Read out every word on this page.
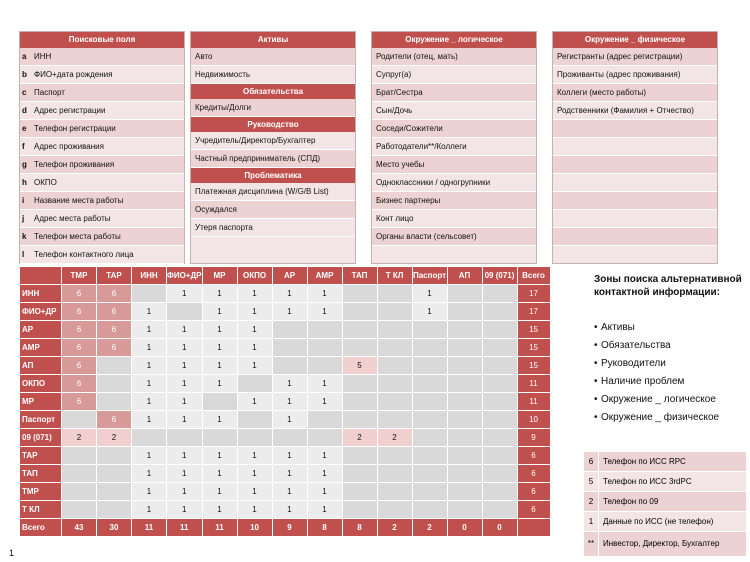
Поисковые поля
a ИНН
b ФИО+дата рождения
c Паспорт
d Адрес регистрации
e Телефон регистрации
f Адрес проживания
g Телефон проживания
h ОКПО
i Название места работы
j Адрес места работы
k Телефон места работы
l Телефон контактного лица
Активы
Авто
Недвижимость
Обязательства
Кредиты/Долги
Руководство
Учредитель/Директор/Бухгалтер
Частный предприниматель (СПД)
Проблематика
Платежная дисциплина (W/G/B List)
Осуждался
Утеря паспорта
Окружение _ логическое
Родители (отец, мать)
Супруг(а)
Брат/Сестра
Сын/Дочь
Соседи/Сожители
Работодатели**/Коллеги
Место учебы
Одноклассники / одногрупники
Бизнес партнеры
Конт лицо
Органы власти (сельсовет)
Окружение _ физическое
Регистранты (адрес регистрации)
Проживанты (адрес проживания)
Коллеги (место работы)
Родственники (Фамилия + Отчество)
	ТМР	ТАР	ИНН	ФИО+ДР	МР	ОКПО	АР	АМР	ТАП	Т КЛ	Паспорт	АП	09 (071)	Всего
ИНН	6	6		1	1	1	1	1			1			17
ФИО+ДР	6	6	1		1	1	1	1			1			17
АР	6	6	1	1	1	1								15
АМР	6	6	1	1	1	1								15
АП	6		1	1	1	1			5					15
ОКПО	6		1	1	1		1	1						11
МР	6		1	1		1	1	1						11
Паспорт		6	1	1	1		1							10
09 (071)	2	2							2	2				9
ТАР			1	1	1	1	1	1						6
ТАП			1	1	1	1	1	1						6
ТМР			1	1	1	1	1	1						6
Т КЛ			1	1	1	1	1	1						6
Всего	43	30	11	11	11	10	9	8	8	2	2	0	0	
Зоны поиска альтернативной контактной информации:
• Активы
• Обязательства
• Руководители
• Наличие проблем
• Окружение _ логическое
• Окружение _ физическое
6	Телефон по ИСС RPC
5	Телефон по ИСС 3rdPC
2	Телефон по 09
1	Данные по ИСС (не телефон)
**	Инвестор, Директор, Бухгалтер
1
